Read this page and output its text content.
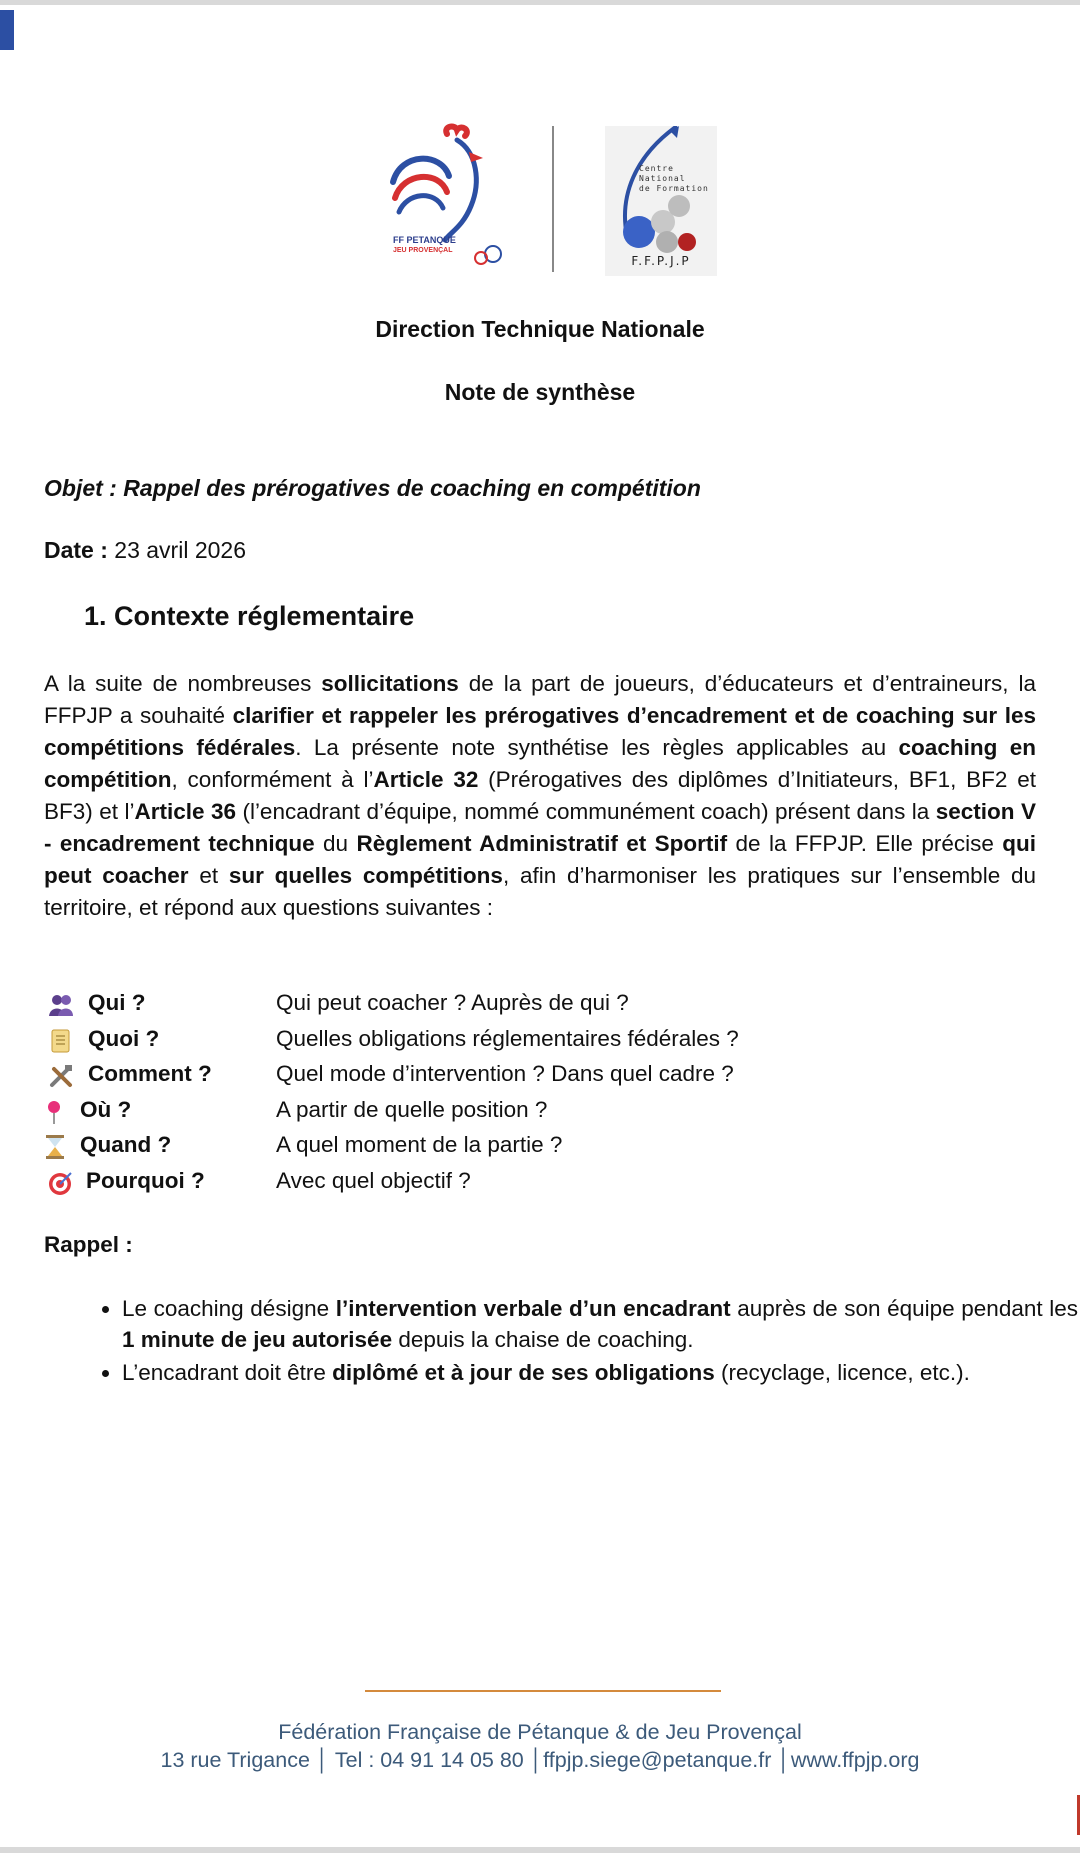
FF PETANQUE
JEU PROVENÇAL
Centre
National
de Formation
F.F.P.J.P
Direction Technique Nationale
Note de synthèse
Objet : Rappel des prérogatives de coaching en compétition
Date : 23 avril 2026
1. Contexte réglementaire
A la suite de nombreuses sollicitations de la part de joueurs, d’éducateurs et d’entraineurs, la FFPJP a souhaité clarifier et rappeler les prérogatives d’encadrement et de coaching sur les compétitions fédérales. La présente note synthétise les règles applicables au coaching en compétition, conformément à l’Article 32 (Prérogatives des diplômes d’Initiateurs, BF1, BF2 et BF3) et l’Article 36 (l’encadrant d’équipe, nommé communément coach) présent dans la section V - encadrement technique du Règlement Administratif et Sportif de la FFPJP. Elle précise qui peut coacher et sur quelles compétitions, afin d’harmoniser les pratiques sur l’ensemble du territoire, et répond aux questions suivantes :
Qui ?	Qui peut coacher ? Auprès de qui ?
Quoi ?	Quelles obligations réglementaires fédérales ?
Comment ?	Quel mode d’intervention ? Dans quel cadre ?
Où ?	A partir de quelle position ?
Quand ?	A quel moment de la partie ?
Pourquoi ?	Avec quel objectif ?
Rappel :
• Le coaching désigne l’intervention verbale d’un encadrant auprès de son équipe pendant les 1 minute de jeu autorisée depuis la chaise de coaching.
• L’encadrant doit être diplômé et à jour de ses obligations (recyclage, licence, etc.).
Fédération Française de Pétanque & de Jeu Provençal
13 rue Trigance │ Tel : 04 91 14 05 80 │ffpjp.siege@petanque.fr │www.ffpjp.org
